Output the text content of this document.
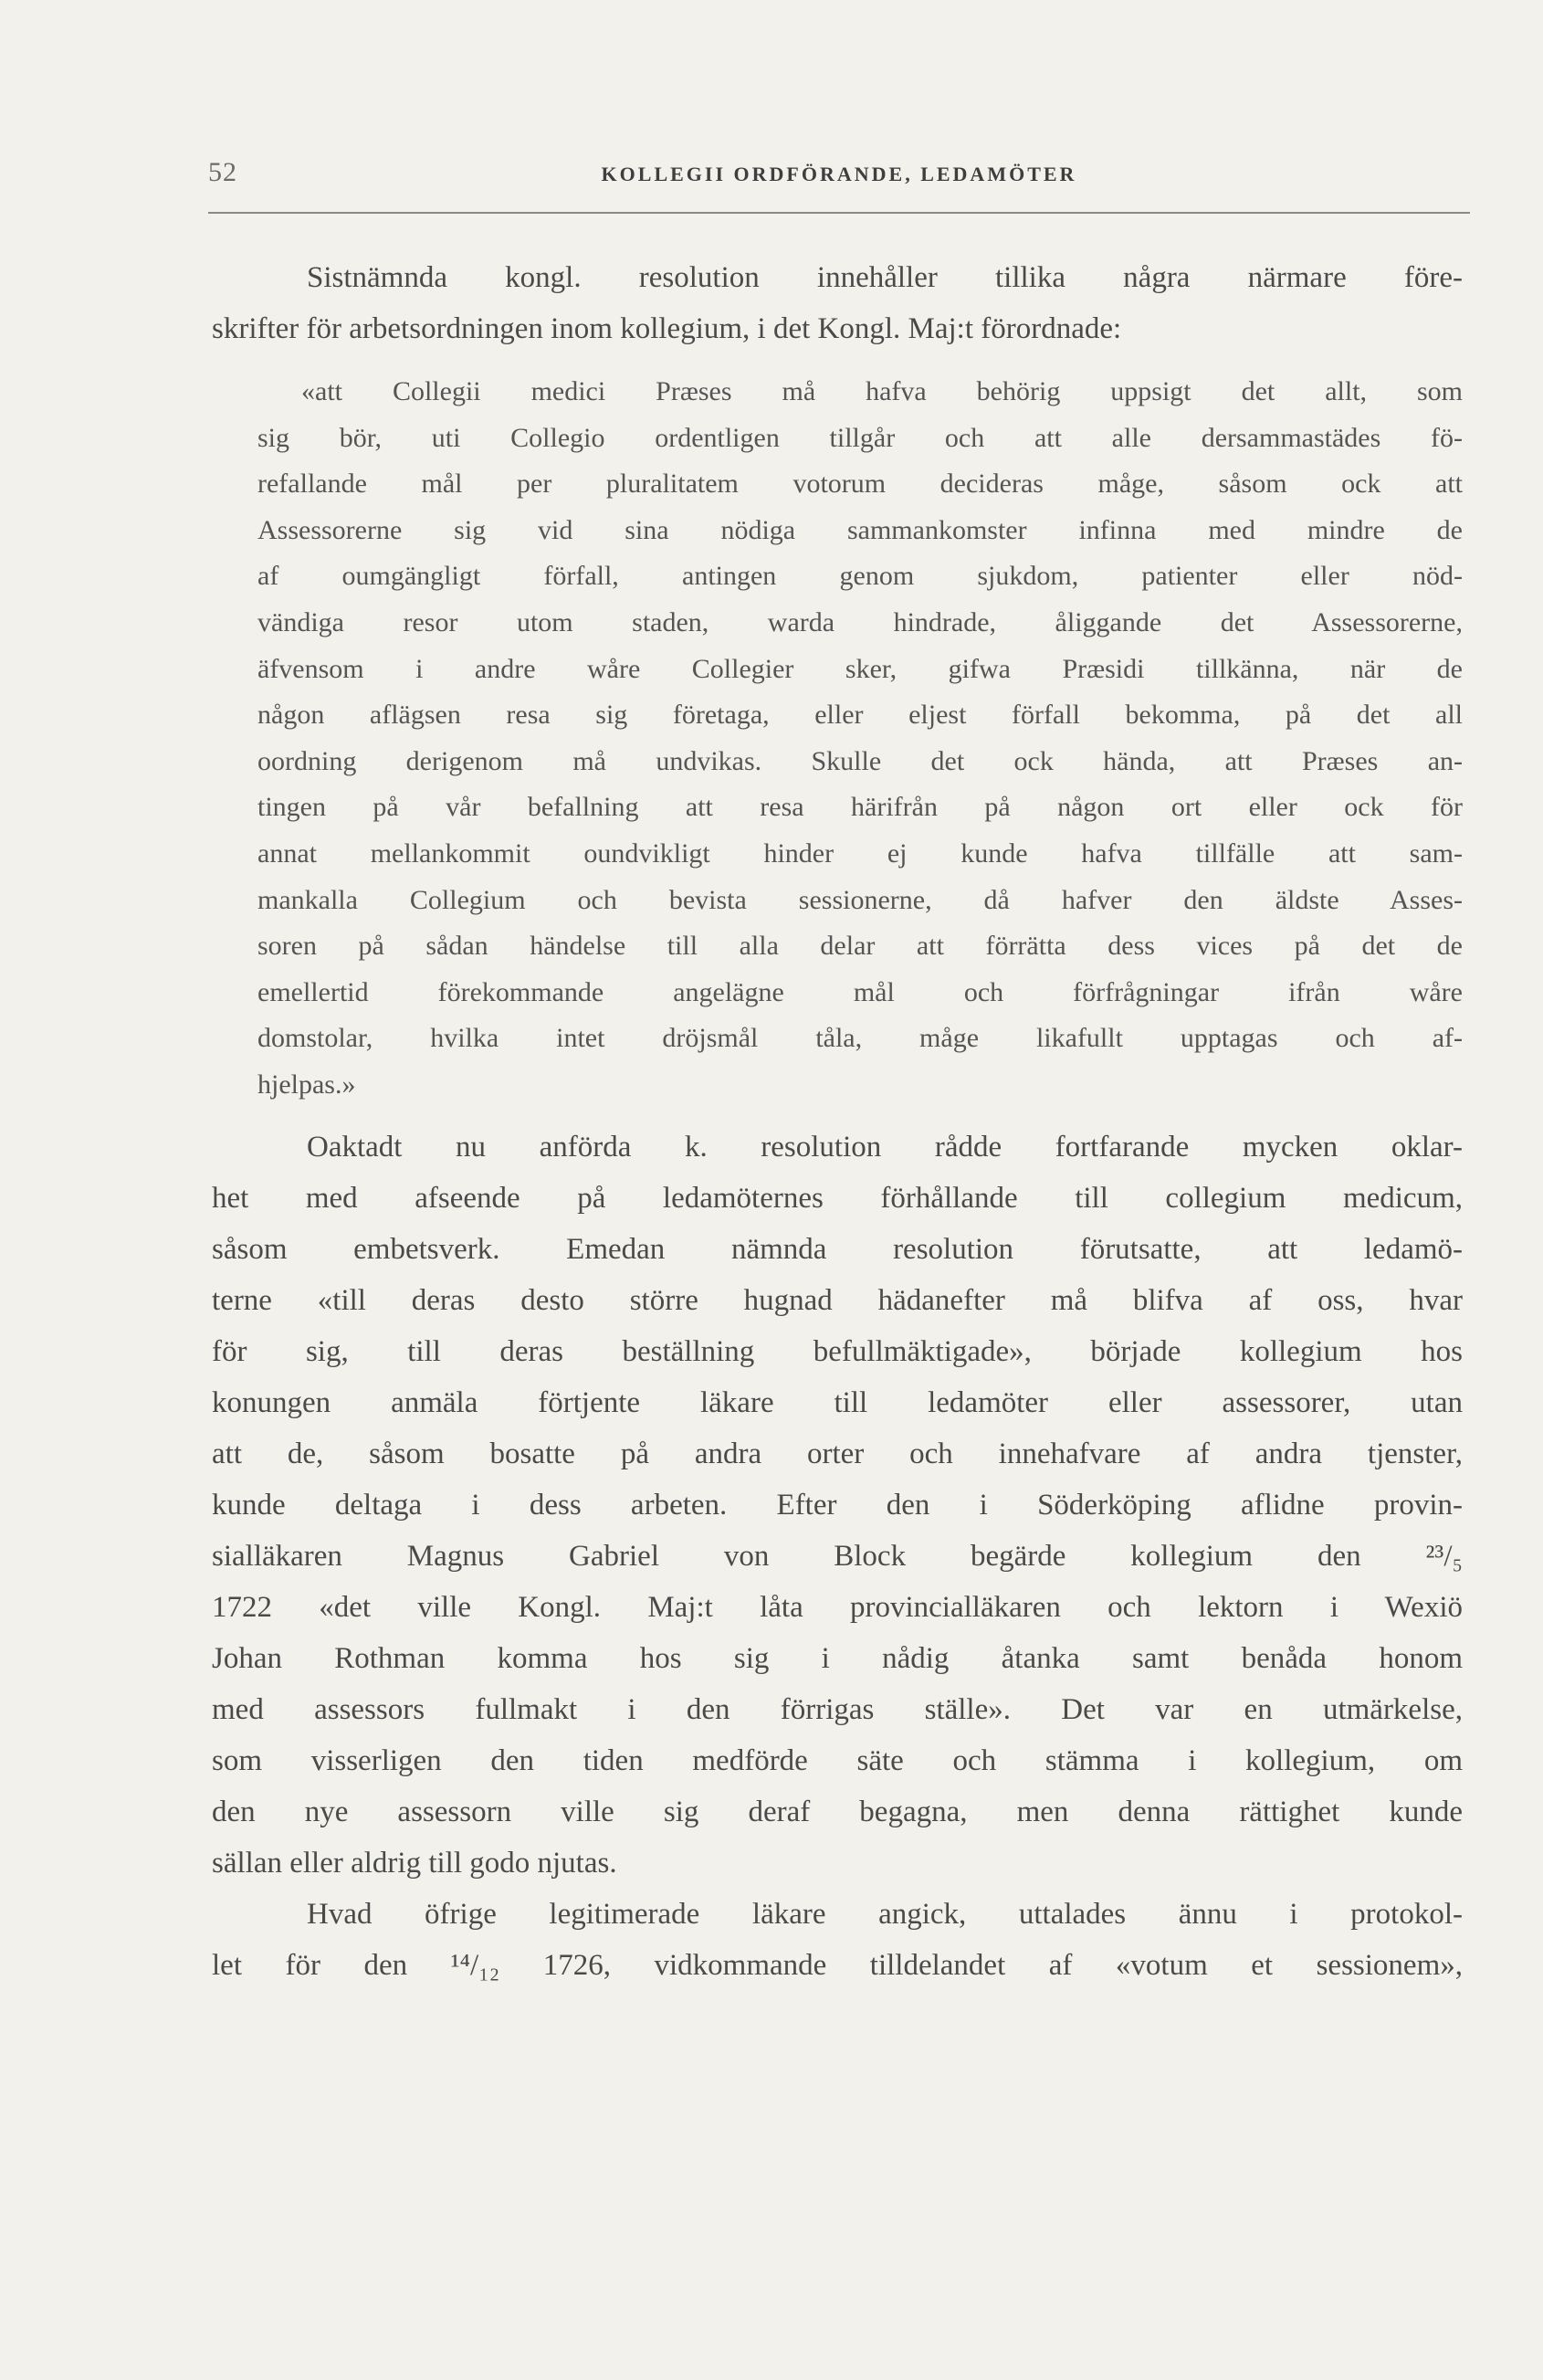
52	KOLLEGII ORDFÖRANDE, LEDAMÖTER
Sistnämnda kongl. resolution innehåller tillika några närmare före-
skrifter för arbetsordningen inom kollegium, i det Kongl. Maj:t förordnade:
«att Collegii medici Præses må hafva behörig uppsigt det allt, som
sig bör, uti Collegio ordentligen tillgår och att alle dersammastädes fö-
refallande mål per pluralitatem votorum decideras måge, såsom ock att
Assessorerne sig vid sina nödiga sammankomster infinna med mindre de
af oumgängligt förfall, antingen genom sjukdom, patienter eller nöd-
vändiga resor utom staden, warda hindrade, åliggande det Assessorerne,
äfvensom i andre wåre Collegier sker, gifwa Præsidi tillkänna, när de
någon aflägsen resa sig företaga, eller eljest förfall bekomma, på det all
oordning derigenom må undvikas. Skulle det ock hända, att Præses an-
tingen på vår befallning att resa härifrån på någon ort eller ock för
annat mellankommit oundvikligt hinder ej kunde hafva tillfälle att sam-
mankalla Collegium och bevista sessionerne, då hafver den äldste Asses-
soren på sådan händelse till alla delar att förrätta dess vices på det de
emellertid förekommande angelägne mål och förfrågningar ifrån wåre
domstolar, hvilka intet dröjsmål tåla, måge likafullt upptagas och af-
hjelpas.»
Oaktadt nu anförda k. resolution rådde fortfarande mycken oklar-
het med afseende på ledamöternes förhållande till collegium medicum,
såsom embetsverk. Emedan nämnda resolution förutsatte, att ledamö-
terne «till deras desto större hugnad hädanefter må blifva af oss, hvar
för sig, till deras beställning befullmäktigade», började kollegium hos
konungen anmäla förtjente läkare till ledamöter eller assessorer, utan
att de, såsom bosatte på andra orter och innehafvare af andra tjenster,
kunde deltaga i dess arbeten. Efter den i Söderköping aflidne provin-
sialläkaren Magnus Gabriel von Block begärde kollegium den ²³/₅
1722 «det ville Kongl. Maj:t låta provincialläkaren och lektorn i Wexiö
Johan Rothman komma hos sig i nådig åtanka samt benåda honom
med assessors fullmakt i den förrigas ställe». Det var en utmärkelse,
som visserligen den tiden medförde säte och stämma i kollegium, om
den nye assessorn ville sig deraf begagna, men denna rättighet kunde
sällan eller aldrig till godo njutas.
Hvad öfrige legitimerade läkare angick, uttalades ännu i protokol-
let för den ¹⁴/₁₂ 1726, vidkommande tilldelandet af «votum et sessionem»,
